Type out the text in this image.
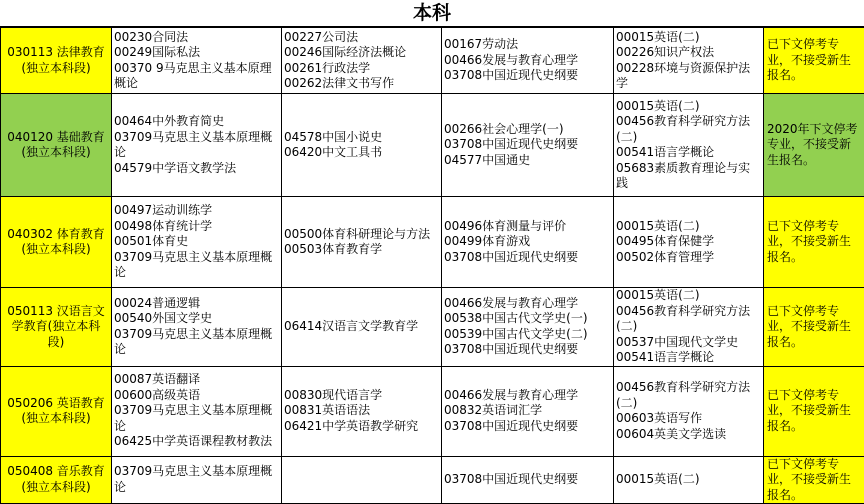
本科
030113 法律教育(独立本科段)	00230合同法
00249国际私法
00370 9马克思主义基本原理概论	00227公司法
00246国际经济法概论
00261行政法学
00262法律文书写作	00167劳动法
00466发展与教育心理学
03708中国近现代史纲要	00015英语(二)
00226知识产权法
00228环境与资源保护法学	已下文停考专业，不接受新生报名。
040120 基础教育(独立本科段)	00464中外教育简史
03709马克思主义基本原理概论
04579中学语文教学法	04578中国小说史
06420中文工具书	00266社会心理学(一)
03708中国近现代史纲要
04577中国通史	00015英语(二)
00456教育科学研究方法(二)
00541语言学概论
05683素质教育理论与实践	2020年下文停考专业，不接受新生报名。
040302 体育教育(独立本科段)	00497运动训练学
00498体育统计学
00501体育史
03709马克思主义基本原理概论	00500体育科研理论与方法
00503体育教育学	00496体育测量与评价
00499体育游戏
03708中国近现代史纲要	00015英语(二)
00495体育保健学
00502体育管理学	已下文停考专业，不接受新生报名。
050113 汉语言文学教育(独立本科段)	00024普通逻辑
00540外国文学史
03709马克思主义基本原理概论	06414汉语言文学教育学	00466发展与教育心理学
00538中国古代文学史(一)
00539中国古代文学史(二)
03708中国近现代史纲要	00015英语(二)
00456教育科学研究方法(二)
00537中国现代文学史
00541语言学概论	已下文停考专业，不接受新生报名。
050206 英语教育(独立本科段)	00087英语翻译
00600高级英语
03709马克思主义基本原理概论
06425中学英语课程教材教法	00830现代语言学
00831英语语法
06421中学英语教学研究	00466发展与教育心理学
00832英语词汇学
03708中国近现代史纲要	00456教育科学研究方法(二)
00603英语写作
00604英美文学选读	已下文停考专业，不接受新生报名。
050408 音乐教育(独立本科段)	03709马克思主义基本原理概论		03708中国近现代史纲要	00015英语(二)	已下文停考专业，不接受新生报名。
